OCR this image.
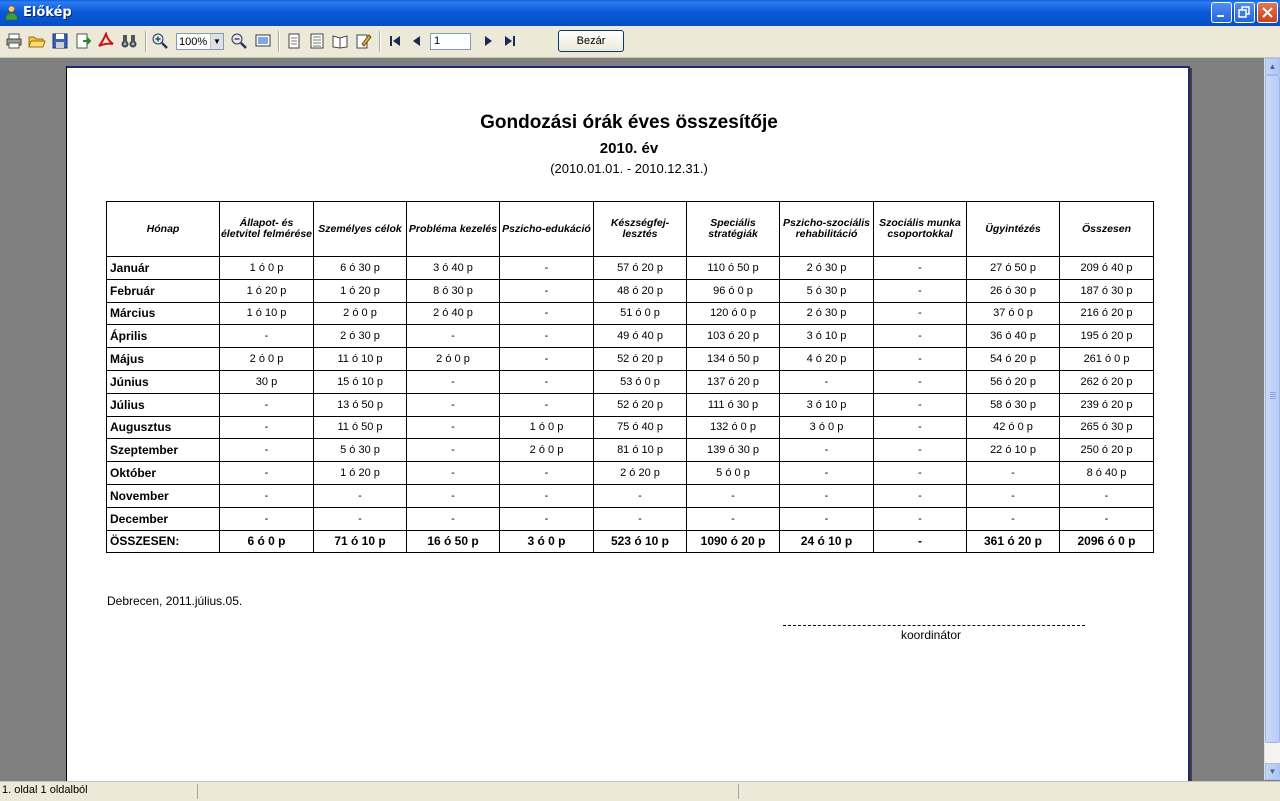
Előkép
100% ▼	1	Bezár
Gondozási órák éves összesítője
2010. év
(2010.01.01. - 2010.12.31.)
Hónap	Állapot- és életvitel felmérése	Személyes célok	Probléma kezelés	Pszicho-edukáció	Készségfej-lesztés	Speciális stratégiák	Pszicho-szociális rehabilitáció	Szociális munka csoportokkal	Ügyintézés	Összesen
Január	1 ó 0 p	6 ó 30 p	3 ó 40 p	-	57 ó 20 p	110 ó 50 p	2 ó 30 p	-	27 ó 50 p	209 ó 40 p
Február	1 ó 20 p	1 ó 20 p	8 ó 30 p	-	48 ó 20 p	96 ó 0 p	5 ó 30 p	-	26 ó 30 p	187 ó 30 p
Március	1 ó 10 p	2 ó 0 p	2 ó 40 p	-	51 ó 0 p	120 ó 0 p	2 ó 30 p	-	37 ó 0 p	216 ó 20 p
Április	-	2 ó 30 p	-	-	49 ó 40 p	103 ó 20 p	3 ó 10 p	-	36 ó 40 p	195 ó 20 p
Május	2 ó 0 p	11 ó 10 p	2 ó 0 p	-	52 ó 20 p	134 ó 50 p	4 ó 20 p	-	54 ó 20 p	261 ó 0 p
Június	30 p	15 ó 10 p	-	-	53 ó 0 p	137 ó 20 p	-	-	56 ó 20 p	262 ó 20 p
Július	-	13 ó 50 p	-	-	52 ó 20 p	111 ó 30 p	3 ó 10 p	-	58 ó 30 p	239 ó 20 p
Augusztus	-	11 ó 50 p	-	1 ó 0 p	75 ó 40 p	132 ó 0 p	3 ó 0 p	-	42 ó 0 p	265 ó 30 p
Szeptember	-	5 ó 30 p	-	2 ó 0 p	81 ó 10 p	139 ó 30 p	-	-	22 ó 10 p	250 ó 20 p
Október	-	1 ó 20 p	-	-	2 ó 20 p	5 ó 0 p	-	-	-	8 ó 40 p
November	-	-	-	-	-	-	-	-	-	-
December	-	-	-	-	-	-	-	-	-	-
ÖSSZESEN:	6 ó 0 p	71 ó 10 p	16 ó 50 p	3 ó 0 p	523 ó 10 p	1090 ó 20 p	24 ó 10 p	-	361 ó 20 p	2096 ó 0 p
Debrecen, 2011.július.05.
koordinátor
▲
▼
1. oldal 1 oldalból
